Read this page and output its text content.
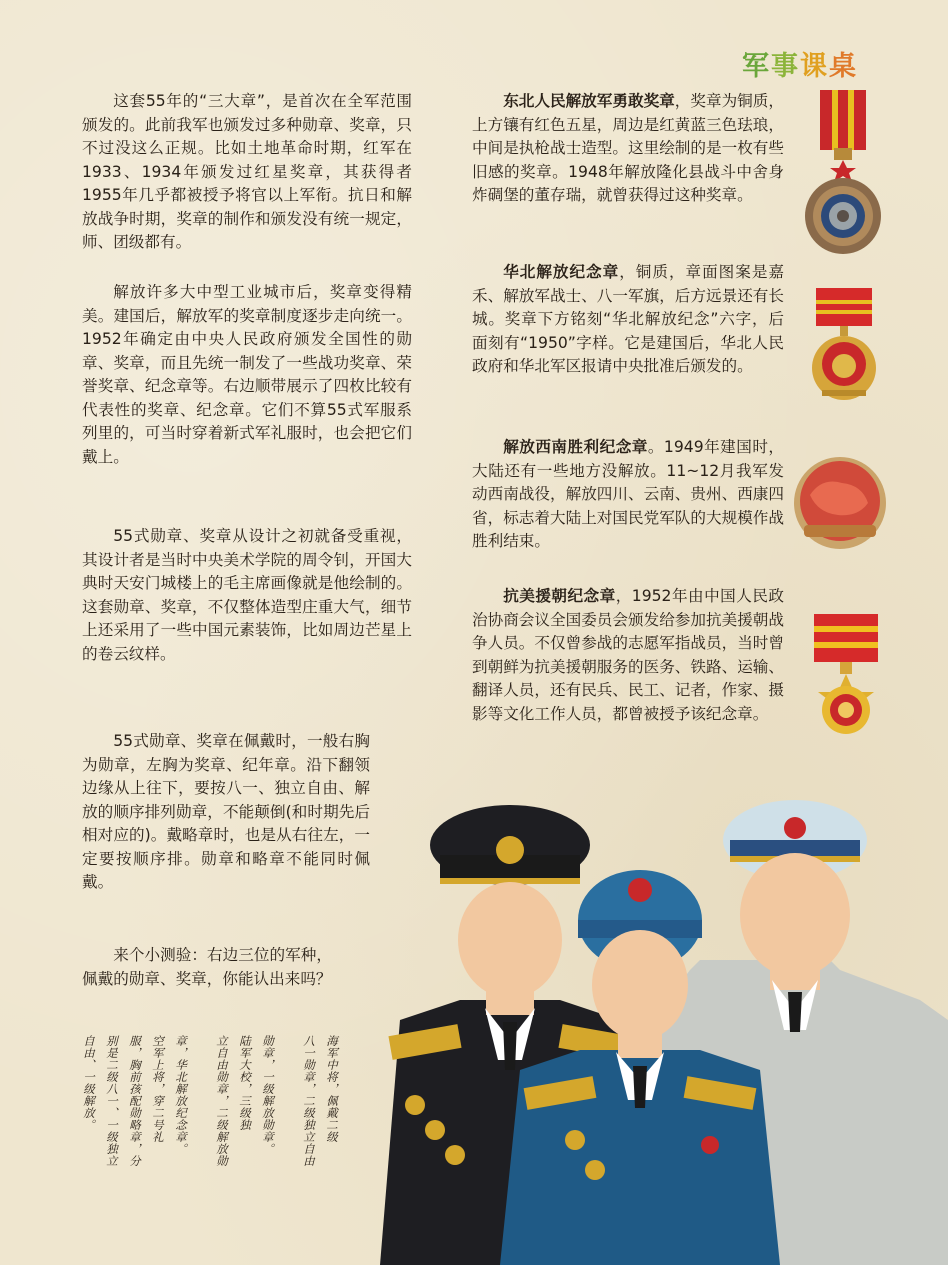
军事课桌

这套55年的“三大章”，是首次在全军范围颁发的。此前我军也颁发过多种勋章、奖章，只不过没这么正规。比如土地革命时期，红军在1933、1934年颁发过红星奖章，其获得者1955年几乎都被授予将官以上军衔。抗日和解放战争时期，奖章的制作和颁发没有统一规定，师、团级都有。

解放许多大中型工业城市后，奖章变得精美。建国后，解放军的奖章制度逐步走向统一。1952年确定由中央人民政府颁发全国性的勋章、奖章，而且先统一制发了一些战功奖章、荣誉奖章、纪念章等。右边顺带展示了四枚比较有代表性的奖章、纪念章。它们不算55式军服系列里的，可当时穿着新式军礼服时，也会把它们戴上。

55式勋章、奖章从设计之初就备受重视，其设计者是当时中央美术学院的周令钊，开国大典时天安门城楼上的毛主席画像就是他绘制的。这套勋章、奖章，不仅整体造型庄重大气，细节上还采用了一些中国元素装饰，比如周边芒星上的卷云纹样。

55式勋章、奖章在佩戴时，一般右胸为勋章，左胸为奖章、纪年章。沿下翻领边缘从上往下，要按八一、独立自由、解放的顺序排列勋章，不能颠倒(和时期先后相对应的)。戴略章时，也是从右往左，一定要按顺序排。勋章和略章不能同时佩戴。

来个小测验：右边三位的军种，佩戴的勋章、奖章，你能认出来吗？

东北人民解放军勇敢奖章，奖章为铜质，上方镶有红色五星，周边是红黄蓝三色珐琅，中间是执枪战士造型。这里绘制的是一枚有些旧感的奖章。1948年解放隆化县战斗中舍身炸碉堡的董存瑞，就曾获得过这种奖章。

华北解放纪念章，铜质，章面图案是嘉禾、解放军战士、八一军旗，后方远景还有长城。奖章下方铭刻“华北解放纪念”六字，后面刻有“1950”字样。它是建国后，华北人民政府和华北军区报请中央批准后颁发的。

解放西南胜利纪念章。1949年建国时，大陆还有一些地方没解放。11~12月我军发动西南战役，解放四川、云南、贵州、西康四省，标志着大陆上对国民党军队的大规模作战胜利结束。

抗美援朝纪念章，1952年由中国人民政治协商会议全国委员会颁发给参加抗美援朝战争人员。不仅曾参战的志愿军指战员，当时曾到朝鲜为抗美援朝服务的医务、铁路、运输、翻译人员，还有民兵、民工、记者，作家、摄影等文化工作人员，都曾被授予该纪念章。

海军中将，佩戴二级
八一勋章，二级独立自由
勋章，一级解放勋章。
陆军大校，三级独
立自由勋章，二级解放勋
章，华北解放纪念章。
空军上将，穿二号礼
服，胸前孩配勋略章，分
别是二级八一、一级独立
自由、一级解放。
